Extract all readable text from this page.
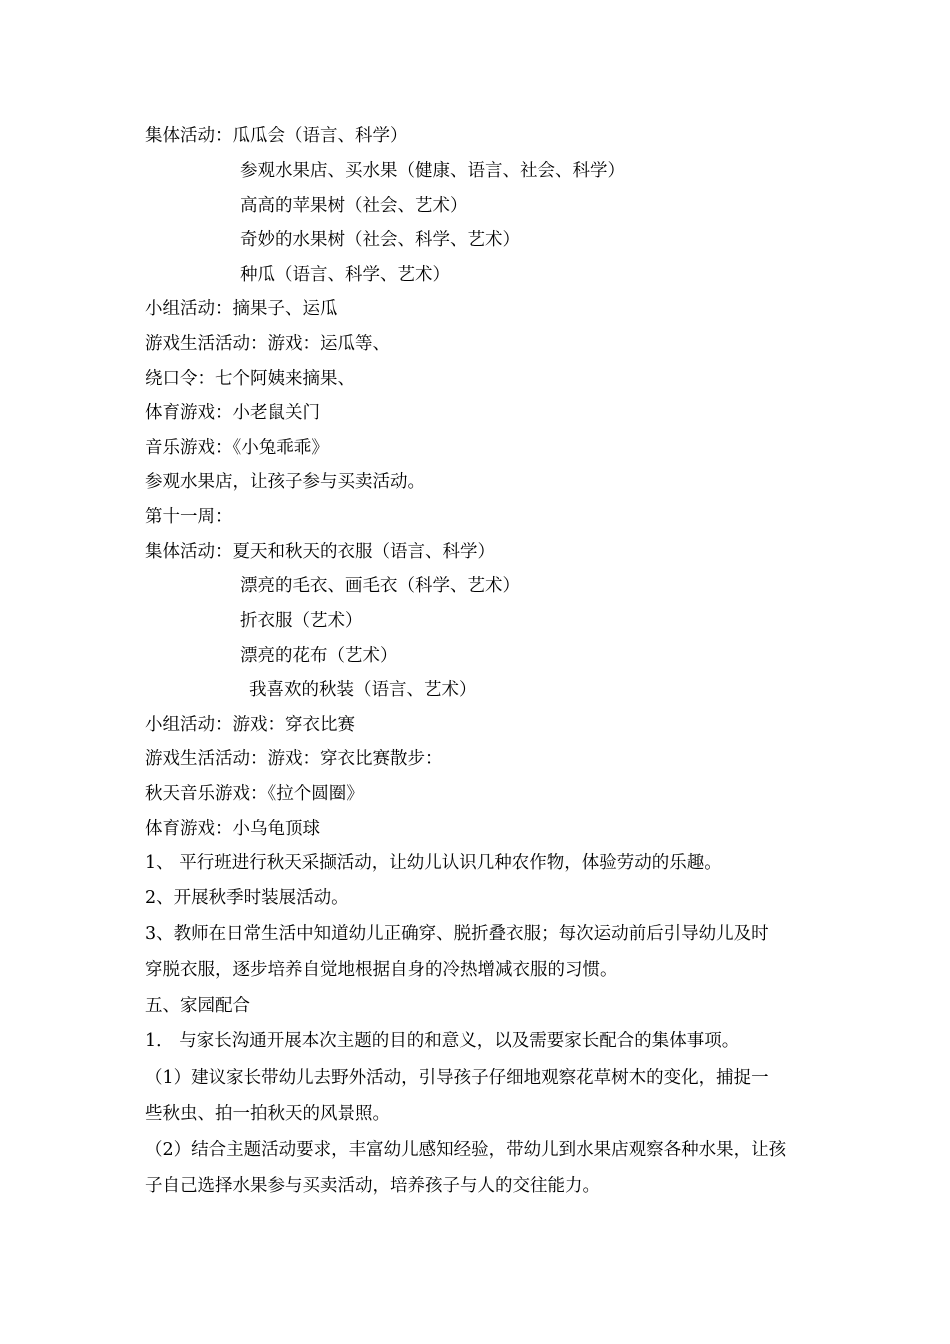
集体活动：瓜瓜会（语言、科学）
参观水果店、买水果（健康、语言、社会、科学）
高高的苹果树（社会、艺术）
奇妙的水果树（社会、科学、艺术）
种瓜（语言、科学、艺术）
小组活动：摘果子、运瓜
游戏生活活动：游戏：运瓜等、
绕口令：七个阿姨来摘果、
体育游戏：小老鼠关门
音乐游戏：《小兔乖乖》
参观水果店，让孩子参与买卖活动。
第十一周：
集体活动：夏天和秋天的衣服（语言、科学）
漂亮的毛衣、画毛衣（科学、艺术）
折衣服（艺术）
漂亮的花布（艺术）
我喜欢的秋装（语言、艺术）
小组活动：游戏：穿衣比赛
游戏生活活动：游戏：穿衣比赛散步：
秋天音乐游戏：《拉个圆圈》
体育游戏：小乌龟顶球
1、 平行班进行秋天采撷活动，让幼儿认识几种农作物，体验劳动的乐趣。
2、开展秋季时装展活动。
3、教师在日常生活中知道幼儿正确穿、脱折叠衣服；每次运动前后引导幼儿及时
穿脱衣服，逐步培养自觉地根据自身的冷热增减衣服的习惯。
五、家园配合
1． 与家长沟通开展本次主题的目的和意义，以及需要家长配合的集体事项。
（1）建议家长带幼儿去野外活动，引导孩子仔细地观察花草树木的变化，捕捉一
些秋虫、拍一拍秋天的风景照。
（2）结合主题活动要求，丰富幼儿感知经验，带幼儿到水果店观察各种水果，让孩
子自己选择水果参与买卖活动，培养孩子与人的交往能力。
